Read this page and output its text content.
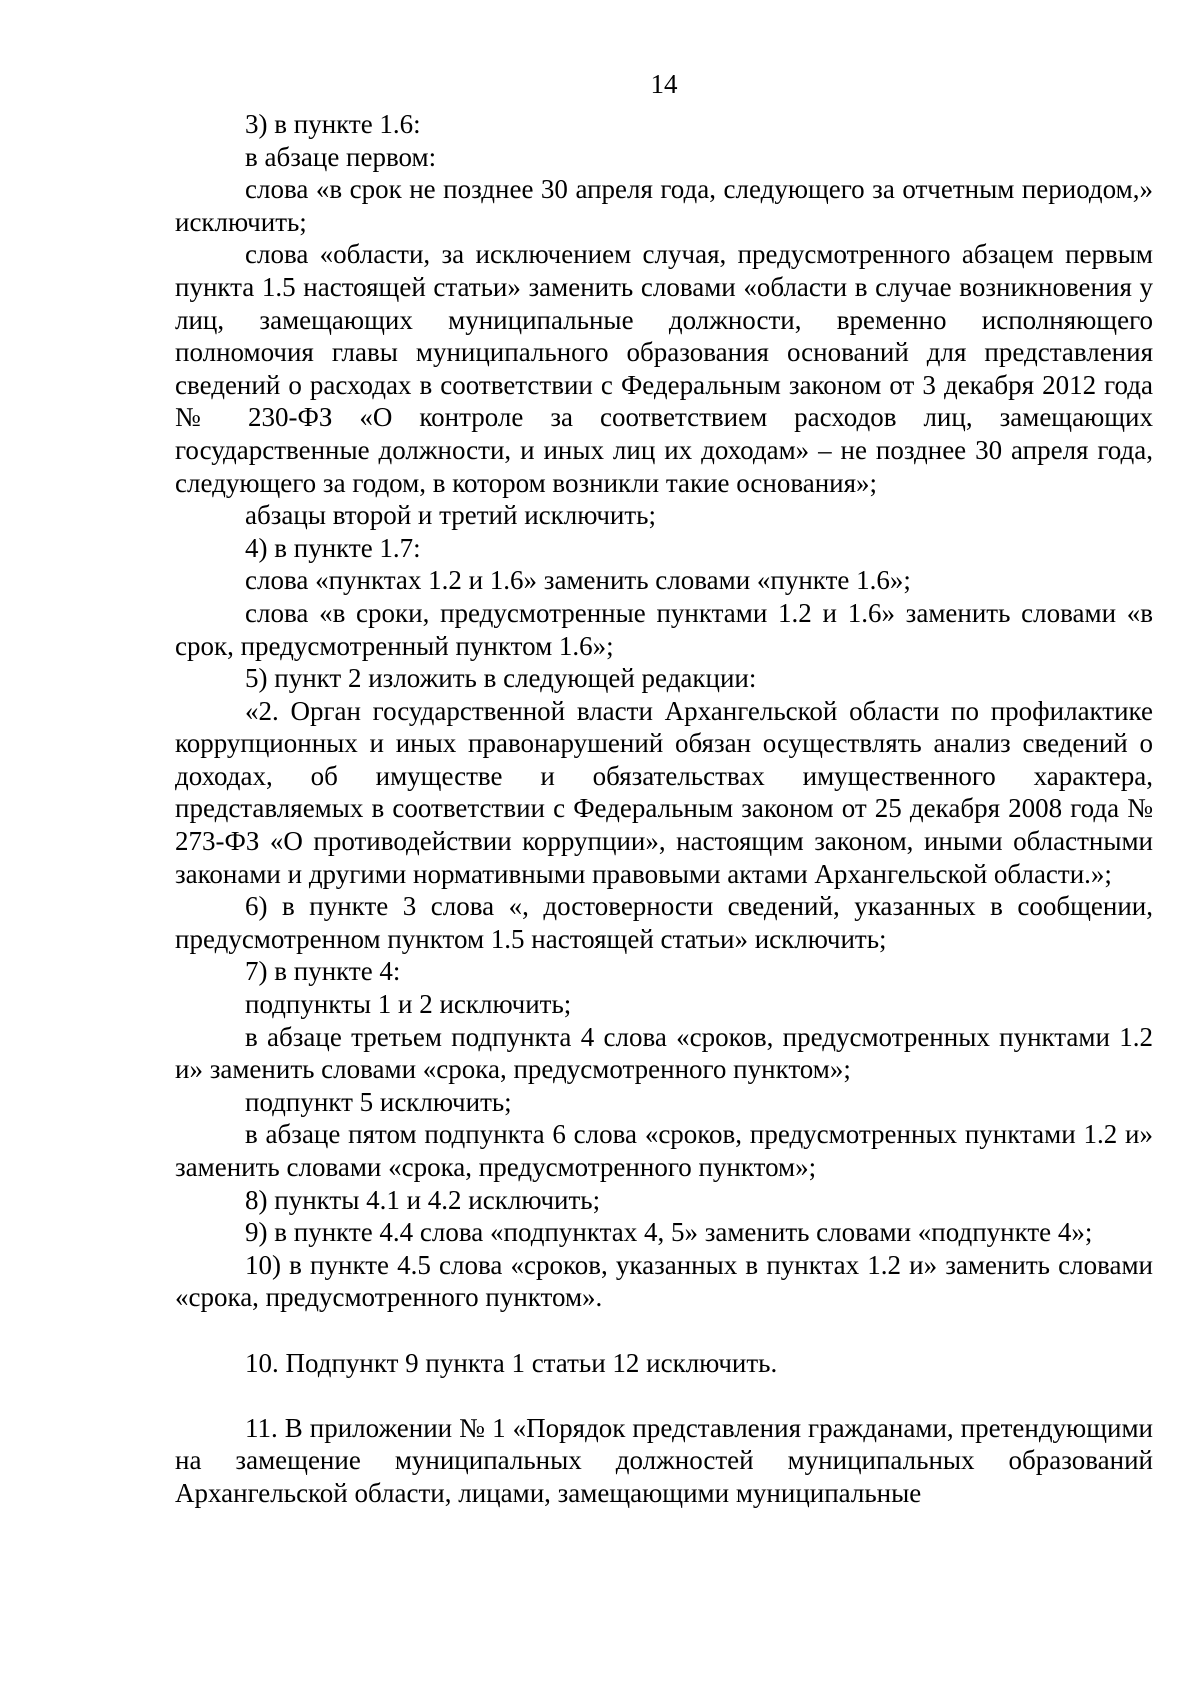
14

3) в пункте 1.6:

в абзаце первом:

слова «в срок не позднее 30 апреля года, следующего за отчетным периодом,» исключить;

слова «области, за исключением случая, предусмотренного абзацем первым пункта 1.5 настоящей статьи» заменить словами «области в случае возникновения у лиц, замещающих муниципальные должности, временно исполняющего полномочия главы муниципального образования оснований для представления сведений о расходах в соответствии с Федеральным законом от 3 декабря 2012 года № 230-ФЗ «О контроле за соответствием расходов лиц, замещающих государственные должности, и иных лиц их доходам» – не позднее 30 апреля года, следующего за годом, в котором возникли такие основания»;

абзацы второй и третий исключить;

4) в пункте 1.7:

слова «пунктах 1.2 и 1.6» заменить словами «пункте 1.6»;

слова «в сроки, предусмотренные пунктами 1.2 и 1.6» заменить словами «в срок, предусмотренный пунктом 1.6»;

5) пункт 2 изложить в следующей редакции:

«2. Орган государственной власти Архангельской области по профилактике коррупционных и иных правонарушений обязан осуществлять анализ сведений о доходах, об имуществе и обязательствах имущественного характера, представляемых в соответствии с Федеральным законом от 25 декабря 2008 года № 273-ФЗ «О противодействии коррупции», настоящим законом, иными областными законами и другими нормативными правовыми актами Архангельской области.»;

6) в пункте 3 слова «, достоверности сведений, указанных в сообщении, предусмотренном пунктом 1.5 настоящей статьи» исключить;

7) в пункте 4:

подпункты 1 и 2 исключить;

в абзаце третьем подпункта 4 слова «сроков, предусмотренных пунктами 1.2 и» заменить словами «срока, предусмотренного пунктом»;

подпункт 5 исключить;

в абзаце пятом подпункта 6 слова «сроков, предусмотренных пунктами 1.2 и» заменить словами «срока, предусмотренного пунктом»;

8) пункты 4.1 и 4.2 исключить;

9) в пункте 4.4 слова «подпунктах 4, 5» заменить словами «подпункте 4»;

10) в пункте 4.5 слова «сроков, указанных в пунктах 1.2 и» заменить словами «срока, предусмотренного пунктом».

10. Подпункт 9 пункта 1 статьи 12 исключить.

11. В приложении № 1 «Порядок представления гражданами, претендующими на замещение муниципальных должностей муниципальных образований Архангельской области, лицами, замещающими муниципальные
